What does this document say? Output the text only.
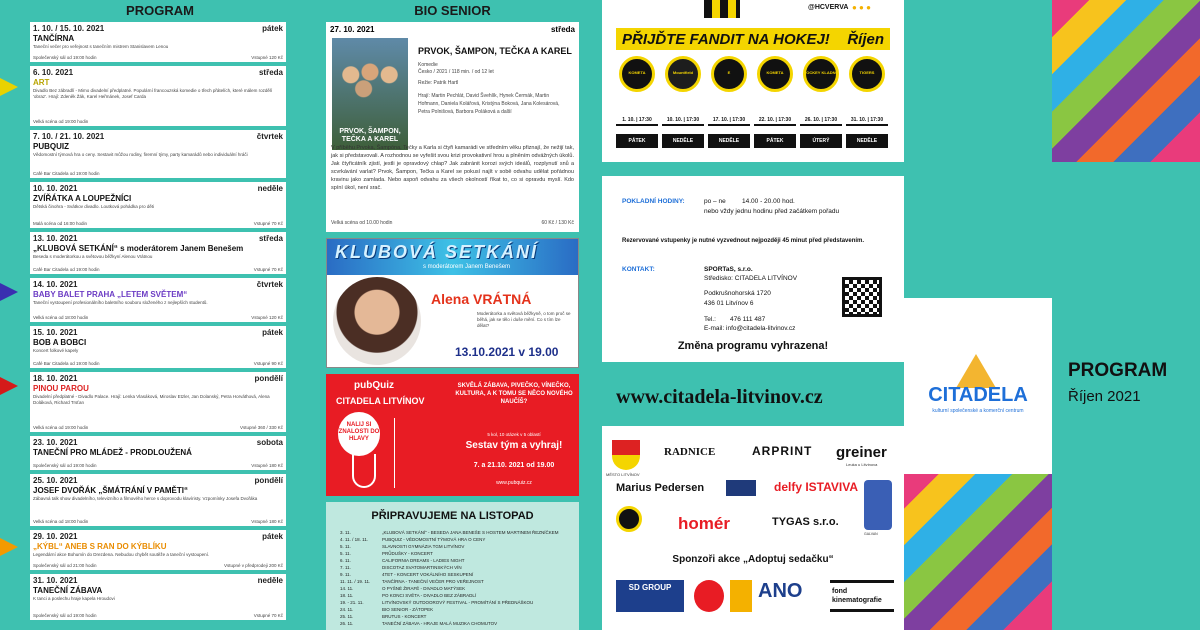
PROGRAM
1. 10. / 15. 10. 2021	pátek
TANČÍRNA
Taneční večer pro veřejnost s tanečním mistrem Stanislavem Lenou
Společenský sál od 19:00 hodin	Vstupné 120 Kč
6. 10. 2021	středa
ART
Divadlo Bez zábradlí - Mimo divadelní předplatné. Populární francouzská komedie o třech přátelích, které málem rozdělí 'obraz'. Hrají: Zdeněk Žák, Karel Heřmánek, Josef Carda
Velká scéna od 19:00 hodin
7. 10. / 21. 10. 2021	čtvrtek
PUBQUIZ
Vědomostní týmová hra o ceny. Sestavit můžou rodiny, firemní týmy, party kamarádů nebo individuální hráči
Café Bar Citadela od 19:00 hodin
10. 10. 2021	neděle
ZVÍŘÁTKA A LOUPEŽNÍCI
Dětská činohra - Svátkov divadlo. Loutková pohádka pro děti
Malá scéna od 16:00 hodin	Vstupné 70 Kč
13. 10. 2021	středa
„KLUBOVÁ SETKÁNÍ“ s moderátorem Janem Benešem
Beseda s moderátorkou a světovou běžkyní Alenou Vrátnou
Café Bar Citadela od 19:00 hodin	Vstupné 70 Kč
14. 10. 2021	čtvrtek
BABY BALET PRAHA „LETEM SVĚTEM“
Taneční vystoupení profesionálního baletního souboru složeného z nejlepších studentů.
Velká scéna od 18:00 hodin	Vstupné 120 Kč
15. 10. 2021	pátek
BOB A BOBCI
Koncert folkové kapely
Café Bar Citadela od 19:00 hodin	Vstupné 90 Kč
18. 10. 2021	pondělí
PINOU PAROU
Divadelní předplatné - Divadlo Palace. Hrají: Lenka Vlasáková, Miroslav Etzler, Jan Dolanský, Petra Horváthová, Alena Doláková, Richard Trsťan
Velká scéna od 19:00 hodin	Vstupné 360 / 330 Kč
23. 10. 2021	sobota
TANEČNÍ PRO MLÁDEŽ - PRODLOUŽENÁ
Společenský sál od 19:00 hodin	Vstupné 180 Kč
25. 10. 2021	pondělí
JOSEF DVOŘÁK „ŠMÁTRÁNÍ V PAMĚTI“
Zábavná talk show divadelního, televizního a filmového herce s doprovodu klavíristy. Vzpomínky Josefa Dvořáka
Velká scéna od 18:00 hodin	Vstupné 180 Kč
29. 10. 2021	pátek
„KÝBL“ ANEB S RAN DO KÝBLÍKU
Legendární akce Bohumín do Drezdena. Nebudou chybět soutěže a taneční vystoupení.
Společenský sál od 21:00 hodin	Vstupné v předprodeji 200 Kč
31. 10. 2021	neděle
TANEČNÍ ZÁBAVA
K tanci a poslechu hraje kapela Hroudovi
Společenský sál od 19:00 hodin	Vstupné 70 Kč
BIO SENIOR
27. 10. 2021	středa
PRVOK, ŠAMPON, TEČKA A KAREL
PRVOK, ŠAMPON, TEČKA A KAREL
Komedie
Česko / 2021 / 118 min. / od 12 let
Režie: Patrik Hartl
Hrají: Martin Pechlát, David Švehlík, Hynek Čermák, Martin Hofmann, Daniela Kolářová, Kristýna Boková, Jana Kolesárová, Petra Polnišová, Barbora Poláková a další
V příběhu Prvoka, Šampóna, Tečky a Karla si čtyři kamarádi ve středním věku přiznají, že nežijí tak, jak si představovali. A rozhodnou se vyřešit svou krizi provokativní hrou a plněním odvážných úkolů. Jak čtyřicátník zjistí, jestli je opravdový chlap? Jak zabránit korozi svých ideálů, rozplynutí snů a scvrkávání varlat? Prvok, Šampon, Tečka a Karel se pokusí najít v sobě odvahu udělat pořádnou kravinu jako zamlada. Nebo aspoň odvahu za všech okolností říkat to, co si opravdu myslí. Kdo spíní úkol, není srač.
Velká scéna od 10.00 hodin	60 Kč / 130 Kč
KLUBOVÁ SETKÁNÍ
s moderátorem Janem Benešem
Alena VRÁTNÁ
Moderátorka a světová běžkyně, o tom proč se běhá, jak se tělo i duše mění. Co s tím lze dělat?
13.10.2021 v 19.00
pubQuiz
CITADELA LITVÍNOV
NALIJ SI ZNALOSTI DO HLAVY
SKVĚLÁ ZÁBAVA, PIVEČKO, VÍNEČKO, KULTURA, A K TOMU SE NĚCO NOVÉHO NAUČÍŠ?
5 kol, 10 otázek v 5 oblastí
Sestav tým a vyhraj!
7. a 21.10. 2021 od 19.00
www.pubquiz.cz
PŘIPRAVUJEME NA LISTOPAD
3. 11.	„KLUBOVÁ SETKÁNÍ“ - BESEDA JANA BENEŠE S HOSTEM MARTINEM ŘEZNÍČKEM
4. 11. / 18. 11.	PUBQUIZ - VĚDOMOSTNÍ TÝMOVÁ HRA O CENY
5. 11.	SLAVNOSTI GYMNÁZIA TGM LITVÍNOV
5. 11.	PRŮDUŠKY - KONCERT
6. 11.	CALIFORNIA DREAMS - LADIES NIGHT
7. 11.	DISCOTAZ SVATOMARTINSKÝCH VÍN
9. 11.	4TET - KONCERT VOKÁLNÍHO SESKUPENÍ
11. 11. / 19. 11.	TANČÍRNA - TANEČNÍ VEČER PRO VEŘEJNOST
14. 11.	O PYŠNÉ ŽIRAFĚ - DIVADLO MATÝSEK
18. 11.	PO KONCI SVĚTA - DIVADLO BEZ ZÁBRADLÍ
19. - 21. 11.	LITVÍNOVSKÝ OUTDOOROVÝ FESTIVAL - PROMÍTÁNÍ S PŘEDNÁŠKOU
24. 11.	BIO SENIOR - ZÁTOPEK
25. 11.	BRUTUS - KONCERT
26. 11.	TANEČNÍ ZÁBAVA - HRAJE MALÁ MUZIKA CHOMUTOV
@HCVERVA ● ● ●
PŘIJĎTE FANDIT NA HOKEJ! Říjen
KOMETA
1. 10. | 17:30
PÁTEK
Mountfield
10. 10. | 17:30
NEDĚLE
E
17. 10. | 17:30
NEDĚLE
KOMETA
22. 10. | 17:30
PÁTEK
HOCKEY KLADNO
26. 10. | 17:30
ÚTERÝ
TIGERS
31. 10. | 17:30
NEDĚLE
POKLADNÍ HODINY:	po – ne	14.00 - 20.00 hod.
nebo vždy jednu hodinu před začátkem pořadu
Rezervované vstupenky je nutné vyzvednout nejpozději 45 minut před představením.
KONTAKT:	SPORTaS, s.r.o.
Středisko: CITADELA LITVÍNOV
Podkrušnohorská 1720
436 01 Litvínov 6
Tel.: 476 111 487
E-mail: info@citadela-litvinov.cz
Změna programu vyhrazena!
www.citadela-litvinov.cz
MĚSTO LITVÍNOV
RADNICE	ARPRINT greiner
Leuka u Litvínova
Marius Pedersen	delfy ISTAVIVA
GALVAN
homér	TYGAS s.r.o.
Sponzoři akce „Adoptuj sedačku“
SD GROUP	ANO	fond kinematografie
CITADELA
kulturní společenské a komerční centrum
PROGRAM
Říjen 2021
